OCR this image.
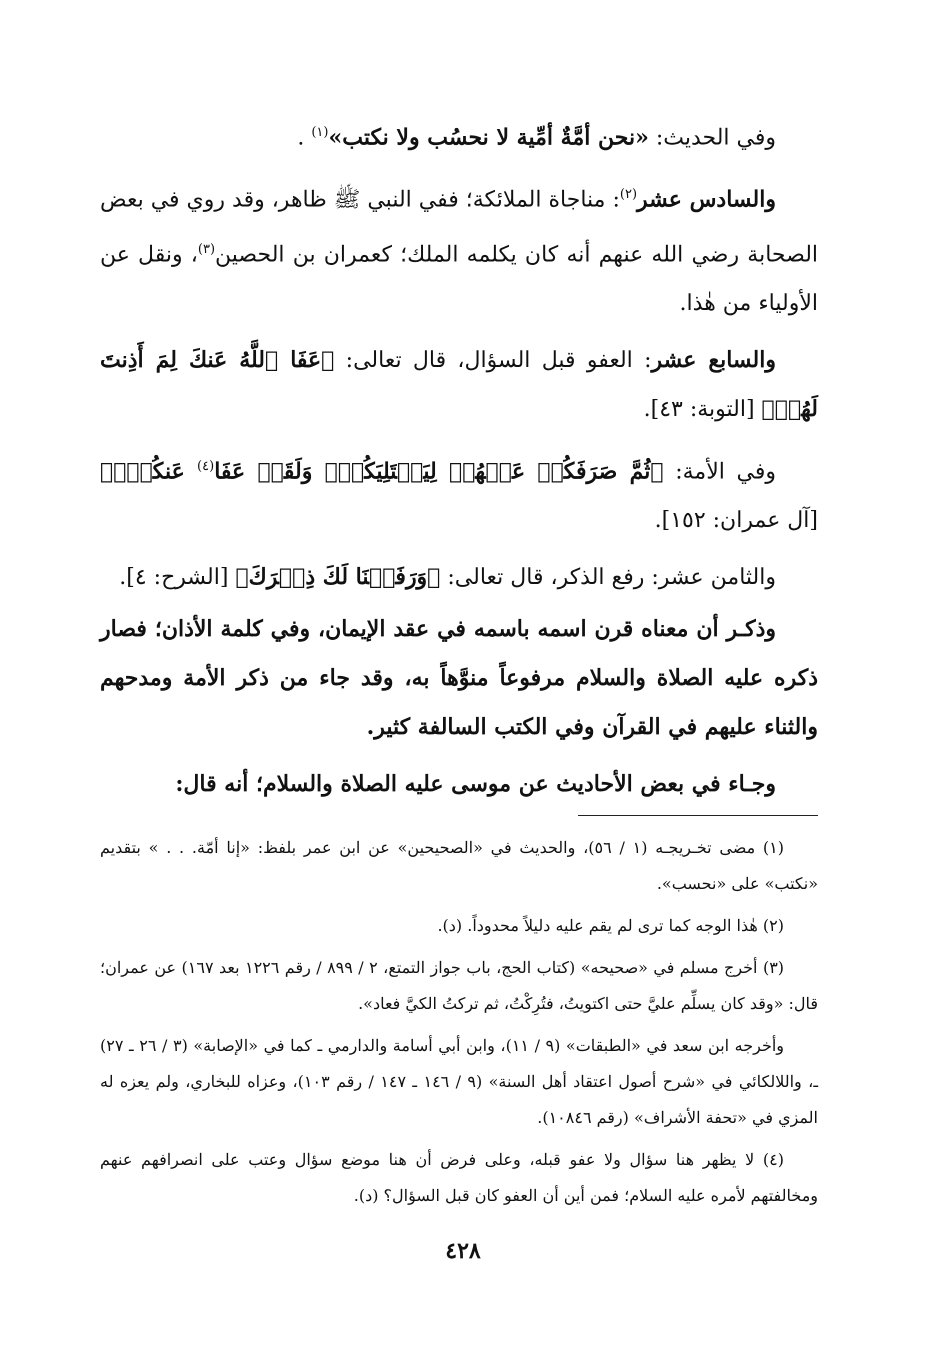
وفي الحديث: «نحن أمَّةٌ أمِّية لا نحسُب ولا نكتب»$^{(١)}$ .

والسادس عشر$^{(٢)}$: مناجاة الملائكة؛ ففي النبي ﷺ ظاهر، وقد روي في بعض الصحابة رضي الله عنهم أنه كان يكلمه الملك؛ كعمران بن الحصين$^{(٣)}$، ونقل عن الأولياء من هٰذا.

والسابع عشر: العفو قبل السؤال، قال تعالى: ﴿عَفَا ٱللَّهُ عَنكَ لِمَ أَذِنتَ لَهُمۡ﴾ [التوبة: ٤٣].

وفي الأمة: ﴿ثُمَّ صَرَفَكُمۡ عَنۡهُمۡ لِيَبۡتَلِيَكُمۡۖ وَلَقَدۡ عَفَا$^{(٤)}$ عَنكُمۡۗ﴾ [آل عمران: ١٥٢].

والثامن عشر: رفع الذكر، قال تعالى: ﴿وَرَفَعۡنَا لَكَ ذِكۡرَكَ﴾ [الشرح: ٤].

وذكـر أن معناه قرن اسمه باسمه في عقد الإيمان، وفي كلمة الأذان؛ فصار ذكره عليه الصلاة والسلام مرفوعاً منوَّهاً به، وقد جاء من ذكر الأمة ومدحهم والثناء عليهم في القرآن وفي الكتب السالفة كثير.

وجـاء في بعض الأحاديث عن موسى عليه الصلاة والسلام؛ أنه قال:

(١) مضى تخـريجـه (١ / ٥٦)، والحديث في «الصحيحين» عن ابن عمر بلفظ: «إنا أمّة. . . » بتقديم «نكتب» على «نحسب».

(٢) هٰذا الوجه كما ترى لم يقم عليه دليلاً محدوداً. (د).

(٣) أخرج مسلم في «صحيحه» (كتاب الحج، باب جواز التمتع، ٢ / ٨٩٩ / رقم ١٢٢٦ بعد ١٦٧) عن عمران؛ قال: «وقد كان يسلِّم عليَّ حتى اكتويتُ، فتُرِكْتُ، ثم تركتُ الكيَّ فعاد».

وأخرجه ابن سعد في «الطبقات» (٩ / ١١)، وابن أبي أسامة والدارمي ـ كما في «الإصابة» (٣ / ٢٦ ـ ٢٧) ـ، واللالكائي في «شرح أصول اعتقاد أهل السنة» (٩ / ١٤٦ ـ ١٤٧ / رقم ١٠٣)، وعزاه للبخاري، ولم يعزه له المزي في «تحفة الأشراف» (رقم ١٠٨٤٦).

(٤) لا يظهر هنا سؤال ولا عفو قبله، وعلى فرض أن هنا موضع سؤال وعتب على انصرافهم عنهم ومخالفتهم لأمره عليه السلام؛ فمن أين أن العفو كان قبل السؤال؟ (د).

٤٢٨
